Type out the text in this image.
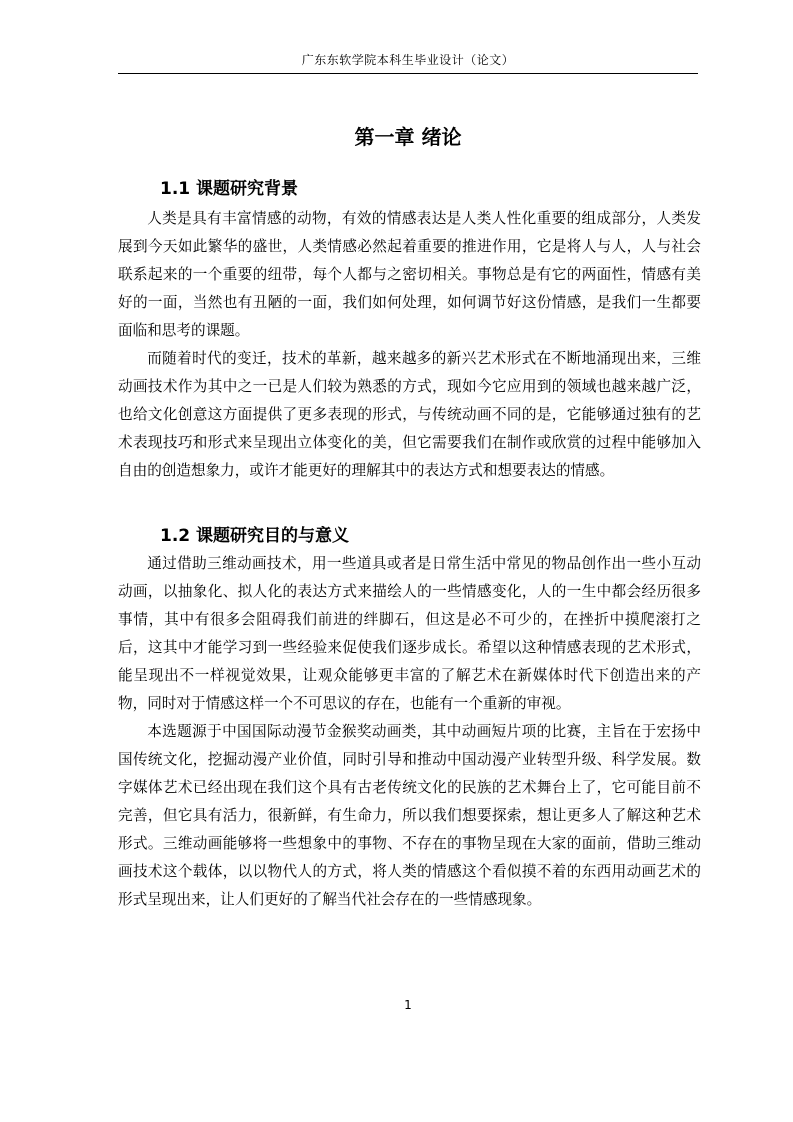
广东东软学院本科生毕业设计（论文）
第一章 绪论
1.1 课题研究背景

人类是具有丰富情感的动物，有效的情感表达是人类人性化重要的组成部分，人类发展到今天如此繁华的盛世，人类情感必然起着重要的推进作用，它是将人与人，人与社会联系起来的一个重要的纽带，每个人都与之密切相关。事物总是有它的两面性，情感有美好的一面，当然也有丑陋的一面，我们如何处理，如何调节好这份情感，是我们一生都要面临和思考的课题。

而随着时代的变迁，技术的革新，越来越多的新兴艺术形式在不断地涌现出来，三维动画技术作为其中之一已是人们较为熟悉的方式，现如今它应用到的领域也越来越广泛，也给文化创意这方面提供了更多表现的形式，与传统动画不同的是，它能够通过独有的艺术表现技巧和形式来呈现出立体变化的美，但它需要我们在制作或欣赏的过程中能够加入自由的创造想象力，或许才能更好的理解其中的表达方式和想要表达的情感。

1.2 课题研究目的与意义

通过借助三维动画技术，用一些道具或者是日常生活中常见的物品创作出一些小互动动画，以抽象化、拟人化的表达方式来描绘人的一些情感变化，人的一生中都会经历很多事情，其中有很多会阻碍我们前进的绊脚石，但这是必不可少的，在挫折中摸爬滚打之后，这其中才能学习到一些经验来促使我们逐步成长。希望以这种情感表现的艺术形式，能呈现出不一样视觉效果，让观众能够更丰富的了解艺术在新媒体时代下创造出来的产物，同时对于情感这样一个不可思议的存在，也能有一个重新的审视。

本选题源于中国国际动漫节金猴奖动画类，其中动画短片项的比赛，主旨在于宏扬中国传统文化，挖掘动漫产业价值，同时引导和推动中国动漫产业转型升级、科学发展。数字媒体艺术已经出现在我们这个具有古老传统文化的民族的艺术舞台上了，它可能目前不完善，但它具有活力，很新鲜，有生命力，所以我们想要探索，想让更多人了解这种艺术形式。三维动画能够将一些想象中的事物、不存在的事物呈现在大家的面前，借助三维动画技术这个载体，以以物代人的方式，将人类的情感这个看似摸不着的东西用动画艺术的形式呈现出来，让人们更好的了解当代社会存在的一些情感现象。

1
